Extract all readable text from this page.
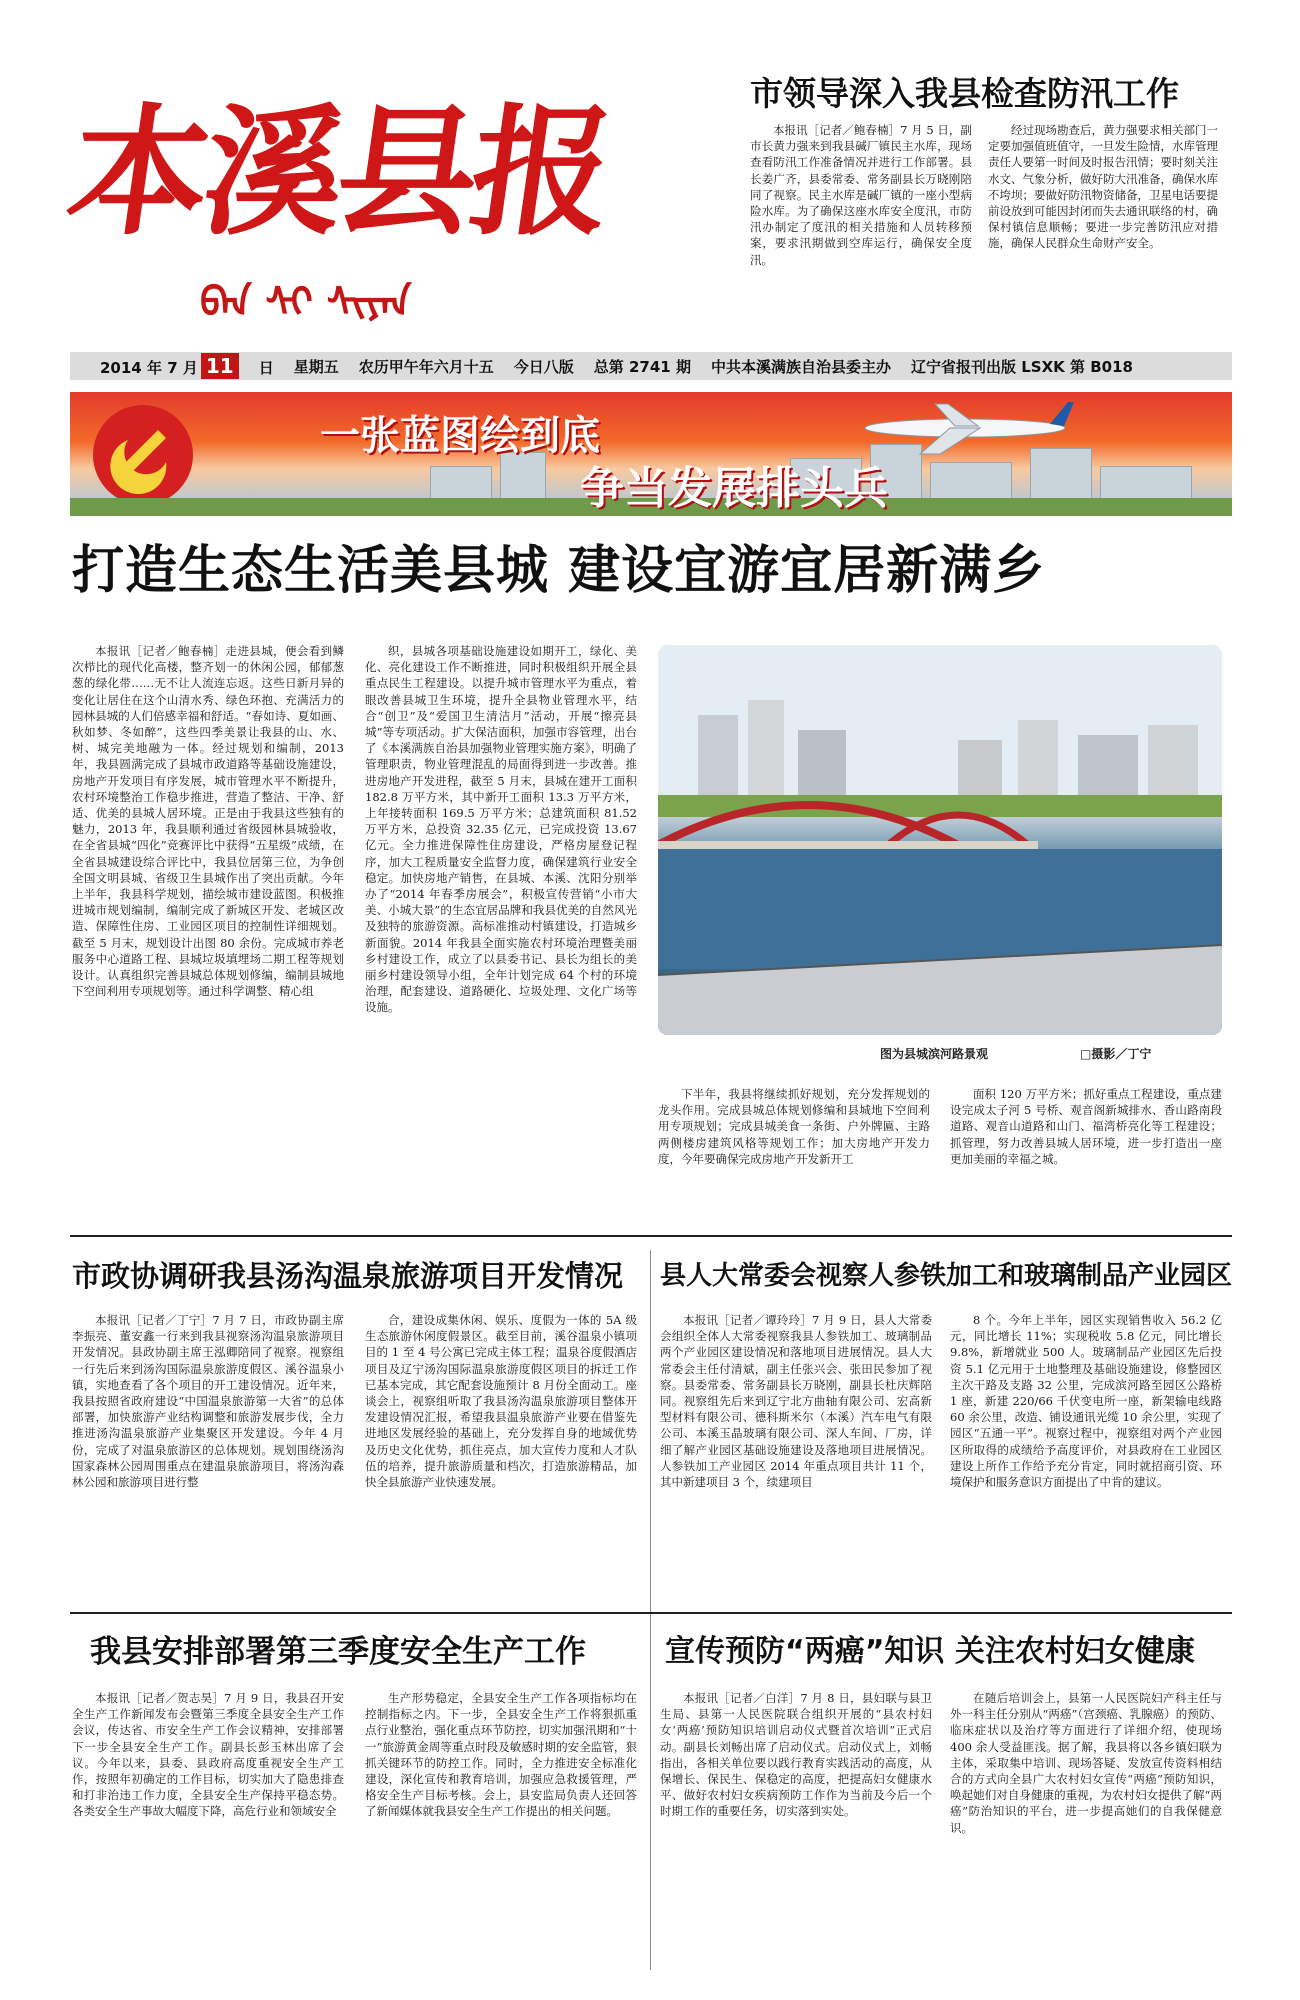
本溪县报
ᠪᠡᠨ ᠰᠢ ᠰᠢᠶᠠᠨ
市领导深入我县检查防汛工作

本报讯［记者／鲍春楠］7 月 5 日，副市长黄力强来到我县碱厂镇民主水库，现场查看防汛工作准备情况并进行工作部署。县长姜广齐，县委常委、常务副县长万晓刚陪同了视察。民主水库是碱厂镇的一座小型病险水库。为了确保这座水库安全度汛，市防汛办制定了度汛的相关措施和人员转移预案，要求汛期做到空库运行，确保安全度汛。

经过现场勘查后，黄力强要求相关部门一定要加强值班值守，一旦发生险情，水库管理责任人要第一时间及时报告汛情；要时刻关注水文、气象分析，做好防大汛准备，确保水库不垮坝；要做好防汛物资储备，卫星电话要提前设放到可能因封闭而失去通讯联络的村，确保村镇信息顺畅；要进一步完善防汛应对措施，确保人民群众生命财产安全。

2014 年 7 月 11 日 星期五 农历甲午年六月十五 今日八版 总第 2741 期 中共本溪满族自治县委主办 辽宁省报刊出版 LSXK 第 B018
一张蓝图绘到底
争当发展排头兵
打造生态生活美县城 建设宜游宜居新满乡

本报讯［记者／鲍春楠］走进县城，便会看到鳞次栉比的现代化高楼，整齐划一的休闲公园，郁郁葱葱的绿化带……无不让人流连忘返。这些日新月异的变化让居住在这个山清水秀、绿色环抱、充满活力的园林县城的人们倍感幸福和舒适。“春如诗、夏如画、秋如梦、冬如醉”，这些四季美景让我县的山、水、树、城完美地融为一体。经过规划和编制，2013 年，我县圆满完成了县城市政道路等基础设施建设，房地产开发项目有序发展，城市管理水平不断提升，农村环境整治工作稳步推进，营造了整洁、干净、舒适、优美的县城人居环境。正是由于我县这些独有的魅力，2013 年，我县顺利通过省级园林县城验收，在全省县城“四化”竞赛评比中获得“五星级”成绩，在全省县城建设综合评比中，我县位居第三位，为争创全国文明县城、省级卫生县城作出了突出贡献。今年上半年，我县科学规划，描绘城市建设蓝图。积极推进城市规划编制，编制完成了新城区开发、老城区改造、保障性住房、工业园区项目的控制性详细规划。截至 5 月末，规划设计出图 80 余份。完成城市养老服务中心道路工程、县城垃圾填埋场二期工程等规划设计。认真组织完善县城总体规划修编，编制县城地下空间利用专项规划等。通过科学调整、精心组

织，县城各项基础设施建设如期开工，绿化、美化、亮化建设工作不断推进，同时积极组织开展全县重点民生工程建设。以提升城市管理水平为重点，着眼改善县城卫生环境，提升全县物业管理水平，结合“创卫”及“爱国卫生清洁月”活动，开展“擦亮县城”等专项活动。扩大保洁面积，加强市容管理，出台了《本溪满族自治县加强物业管理实施方案》，明确了管理职责，物业管理混乱的局面得到进一步改善。推进房地产开发进程，截至 5 月末，县城在建开工面积 182.8 万平方米，其中新开工面积 13.3 万平方米，上年接转面积 169.5 万平方米；总建筑面积 81.52 万平方米，总投资 32.35 亿元，已完成投资 13.67 亿元。全力推进保障性住房建设，严格房屋登记程序，加大工程质量安全监督力度，确保建筑行业安全稳定。加快房地产销售，在县城、本溪、沈阳分别举办了“2014 年春季房展会”，积极宣传营销“小市大美、小城大景”的生态宜居品牌和我县优美的自然风光及独特的旅游资源。高标准推动村镇建设，打造城乡新面貌。2014 年我县全面实施农村环境治理暨美丽乡村建设工作，成立了以县委书记、县长为组长的美丽乡村建设领导小组，全年计划完成 64 个村的环境治理，配套建设、道路硬化、垃圾处理、文化广场等设施。

图为县城滨河路景观	□摄影／丁宁

下半年，我县将继续抓好规划，充分发挥规划的龙头作用。完成县城总体规划修编和县城地下空间利用专项规划；完成县城美食一条街、户外牌匾、主路两侧楼房建筑风格等规划工作；加大房地产开发力度，今年要确保完成房地产开发新开工

面积 120 万平方米；抓好重点工程建设，重点建设完成太子河 5 号桥、观音阁新城排水、香山路南段道路、观音山道路和山门、福湾桥亮化等工程建设；抓管理，努力改善县城人居环境，进一步打造出一座更加美丽的幸福之城。

市政协调研我县汤沟温泉旅游项目开发情况

本报讯［记者／丁宁］7 月 7 日，市政协副主席李振亮、董安鑫一行来到我县视察汤沟温泉旅游项目开发情况。县政协副主席王泓卿陪同了视察。视察组一行先后来到汤沟国际温泉旅游度假区、溪谷温泉小镇，实地查看了各个项目的开工建设情况。近年来，我县按照省政府建设“中国温泉旅游第一大省”的总体部署，加快旅游产业结构调整和旅游发展步伐，全力推进汤沟温泉旅游产业集聚区开发建设。今年 4 月份，完成了对温泉旅游区的总体规划。规划围绕汤沟国家森林公园周围重点在建温泉旅游项目，将汤沟森林公园和旅游项目进行整

合，建设成集休闲、娱乐、度假为一体的 5A 级生态旅游休闲度假景区。截至目前，溪谷温泉小镇项目的 1 至 4 号公寓已完成主体工程；温泉谷度假酒店项目及辽宁汤沟国际温泉旅游度假区项目的拆迁工作已基本完成，其它配套设施预计 8 月份全面动工。座谈会上，视察组听取了我县汤沟温泉旅游项目整体开发建设情况汇报，希望我县温泉旅游产业要在借鉴先进地区发展经验的基础上，充分发挥自身的地域优势及历史文化优势，抓住亮点，加大宣传力度和人才队伍的培养，提升旅游质量和档次，打造旅游精品，加快全县旅游产业快速发展。

县人大常委会视察人参铁加工和玻璃制品产业园区

本报讯［记者／谭玲玲］7 月 9 日，县人大常委会组织全体人大常委视察我县人参铁加工、玻璃制品两个产业园区建设情况和落地项目进展情况。县人大常委会主任付清斌，副主任张兴会、张田民参加了视察。县委常委、常务副县长万晓刚，副县长杜庆辉陪同。视察组先后来到辽宁北方曲轴有限公司、宏高新型材料有限公司、德科斯米尔（本溪）汽车电气有限公司、本溪玉晶玻璃有限公司、深人车间、厂房，详细了解产业园区基础设施建设及落地项目进展情况。人参铁加工产业园区 2014 年重点项目共计 11 个，其中新建项目 3 个，续建项目

8 个。今年上半年，园区实现销售收入 56.2 亿元，同比增长 11%；实现税收 5.8 亿元，同比增长 9.8%，新增就业 500 人。玻璃制品产业园区先后投资 5.1 亿元用于土地整理及基础设施建设，修整园区主次干路及支路 32 公里，完成滨河路至园区公路桥 1 座，新建 220/66 千伏变电所一座，新架输电线路 60 余公里，改造、铺设通讯光缆 10 余公里，实现了园区“五通一平”。视察过程中，视察组对两个产业园区所取得的成绩给予高度评价，对县政府在工业园区建设上所作工作给予充分肯定，同时就招商引资、环境保护和服务意识方面提出了中肯的建议。

我县安排部署第三季度安全生产工作

本报讯［记者／贺志昊］7 月 9 日，我县召开安全生产工作新闻发布会暨第三季度全县安全生产工作会议，传达省、市安全生产工作会议精神，安排部署下一步全县安全生产工作。副县长彭玉林出席了会议。今年以来，县委、县政府高度重视安全生产工作，按照年初确定的工作目标，切实加大了隐患排查和打非治违工作力度，全县安全生产保持平稳态势。各类安全生产事故大幅度下降，高危行业和领域安全

生产形势稳定，全县安全生产工作各项指标均在控制指标之内。下一步，全县安全生产工作将狠抓重点行业整治，强化重点环节防控，切实加强汛期和“十一”旅游黄金周等重点时段及敏感时期的安全监管，狠抓关键环节的防控工作。同时，全力推进安全标准化建设，深化宣传和教育培训，加强应急救援管理，严格安全生产目标考核。会上，县安监局负责人还回答了新闻媒体就我县安全生产工作提出的相关问题。

宣传预防“两癌”知识 关注农村妇女健康

本报讯［记者／白洋］7 月 8 日，县妇联与县卫生局、县第一人民医院联合组织开展的“县农村妇女‘两癌’预防知识培训启动仪式暨首次培训”正式启动。副县长刘畅出席了启动仪式。启动仪式上，刘畅指出，各相关单位要以践行教育实践活动的高度，从保增长、保民生、保稳定的高度，把提高妇女健康水平、做好农村妇女疾病预防工作作为当前及今后一个时期工作的重要任务，切实落到实处。

在随后培训会上，县第一人民医院妇产科主任与外一科主任分别从“两癌”（宫颈癌、乳腺癌）的预防、临床症状以及治疗等方面进行了详细介绍，使现场 400 余人受益匪浅。据了解，我县将以各乡镇妇联为主体，采取集中培训、现场答疑、发放宣传资料相结合的方式向全县广大农村妇女宣传“两癌”预防知识，唤起她们对自身健康的重视，为农村妇女提供了解“两癌”防治知识的平台，进一步提高她们的自我保健意识。
